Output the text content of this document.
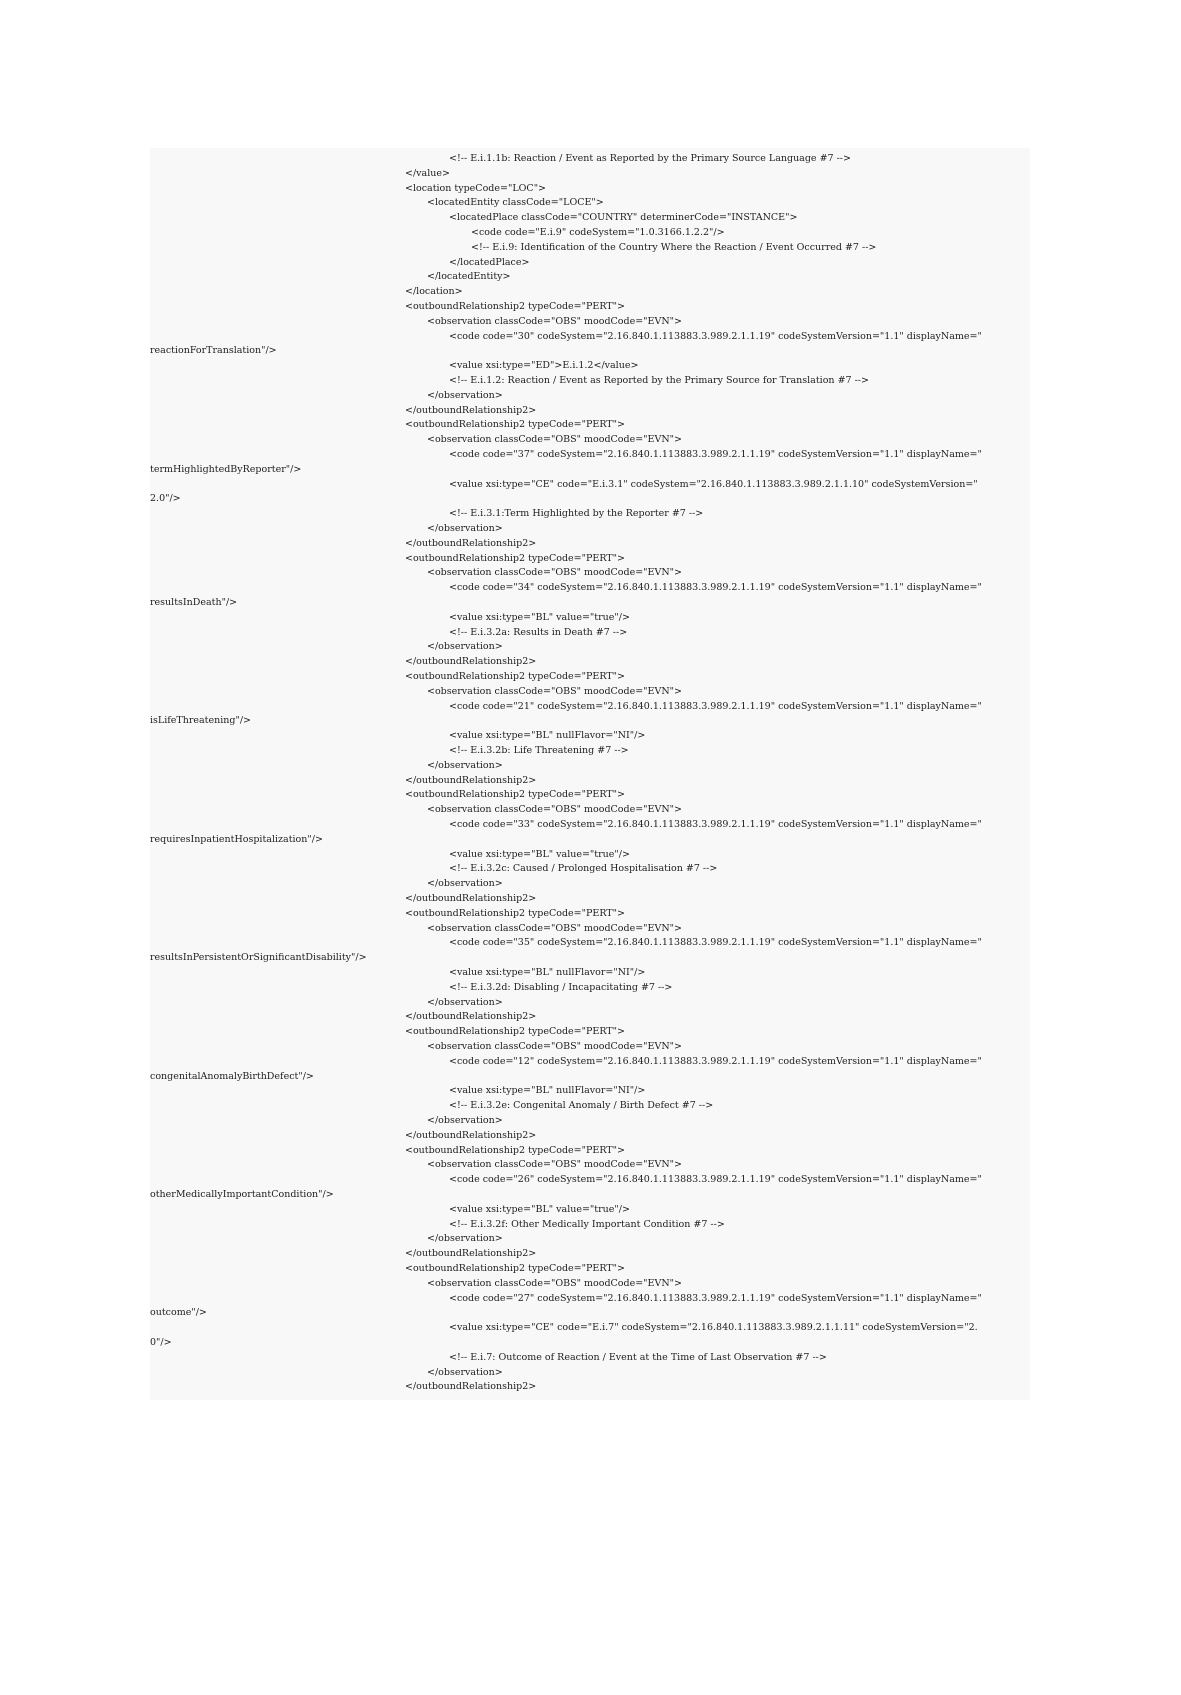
<!-- E.i.1.1b: Reaction / Event as Reported by the Primary Source Language #7 -->
</value>
<location typeCode="LOC">
<locatedEntity classCode="LOCE">
<locatedPlace classCode="COUNTRY" determinerCode="INSTANCE">
<code code="E.i.9" codeSystem="1.0.3166.1.2.2"/>
<!-- E.i.9: Identification of the Country Where the Reaction / Event Occurred #7 -->
</locatedPlace>
</locatedEntity>
</location>
<outboundRelationship2 typeCode="PERT">
<observation classCode="OBS" moodCode="EVN">
<code code="30" codeSystem="2.16.840.1.113883.3.989.2.1.1.19" codeSystemVersion="1.1" displayName="
reactionForTranslation"/>
<value xsi:type="ED">E.i.1.2</value>
<!-- E.i.1.2: Reaction / Event as Reported by the Primary Source for Translation #7 -->
</observation>
</outboundRelationship2>
<outboundRelationship2 typeCode="PERT">
<observation classCode="OBS" moodCode="EVN">
<code code="37" codeSystem="2.16.840.1.113883.3.989.2.1.1.19" codeSystemVersion="1.1" displayName="
termHighlightedByReporter"/>
<value xsi:type="CE" code="E.i.3.1" codeSystem="2.16.840.1.113883.3.989.2.1.1.10" codeSystemVersion="
2.0"/>
<!-- E.i.3.1:Term Highlighted by the Reporter #7 -->
</observation>
</outboundRelationship2>
<outboundRelationship2 typeCode="PERT">
<observation classCode="OBS" moodCode="EVN">
<code code="34" codeSystem="2.16.840.1.113883.3.989.2.1.1.19" codeSystemVersion="1.1" displayName="
resultsInDeath"/>
<value xsi:type="BL" value="true"/>
<!-- E.i.3.2a: Results in Death #7 -->
</observation>
</outboundRelationship2>
<outboundRelationship2 typeCode="PERT">
<observation classCode="OBS" moodCode="EVN">
<code code="21" codeSystem="2.16.840.1.113883.3.989.2.1.1.19" codeSystemVersion="1.1" displayName="
isLifeThreatening"/>
<value xsi:type="BL" nullFlavor="NI"/>
<!-- E.i.3.2b: Life Threatening #7 -->
</observation>
</outboundRelationship2>
<outboundRelationship2 typeCode="PERT">
<observation classCode="OBS" moodCode="EVN">
<code code="33" codeSystem="2.16.840.1.113883.3.989.2.1.1.19" codeSystemVersion="1.1" displayName="
requiresInpatientHospitalization"/>
<value xsi:type="BL" value="true"/>
<!-- E.i.3.2c: Caused / Prolonged Hospitalisation #7 -->
</observation>
</outboundRelationship2>
<outboundRelationship2 typeCode="PERT">
<observation classCode="OBS" moodCode="EVN">
<code code="35" codeSystem="2.16.840.1.113883.3.989.2.1.1.19" codeSystemVersion="1.1" displayName="
resultsInPersistentOrSignificantDisability"/>
<value xsi:type="BL" nullFlavor="NI"/>
<!-- E.i.3.2d: Disabling / Incapacitating #7 -->
</observation>
</outboundRelationship2>
<outboundRelationship2 typeCode="PERT">
<observation classCode="OBS" moodCode="EVN">
<code code="12" codeSystem="2.16.840.1.113883.3.989.2.1.1.19" codeSystemVersion="1.1" displayName="
congenitalAnomalyBirthDefect"/>
<value xsi:type="BL" nullFlavor="NI"/>
<!-- E.i.3.2e: Congenital Anomaly / Birth Defect #7 -->
</observation>
</outboundRelationship2>
<outboundRelationship2 typeCode="PERT">
<observation classCode="OBS" moodCode="EVN">
<code code="26" codeSystem="2.16.840.1.113883.3.989.2.1.1.19" codeSystemVersion="1.1" displayName="
otherMedicallyImportantCondition"/>
<value xsi:type="BL" value="true"/>
<!-- E.i.3.2f: Other Medically Important Condition #7 -->
</observation>
</outboundRelationship2>
<outboundRelationship2 typeCode="PERT">
<observation classCode="OBS" moodCode="EVN">
<code code="27" codeSystem="2.16.840.1.113883.3.989.2.1.1.19" codeSystemVersion="1.1" displayName="
outcome"/>
<value xsi:type="CE" code="E.i.7" codeSystem="2.16.840.1.113883.3.989.2.1.1.11" codeSystemVersion="2.
0"/>
<!-- E.i.7: Outcome of Reaction / Event at the Time of Last Observation #7 -->
</observation>
</outboundRelationship2>
